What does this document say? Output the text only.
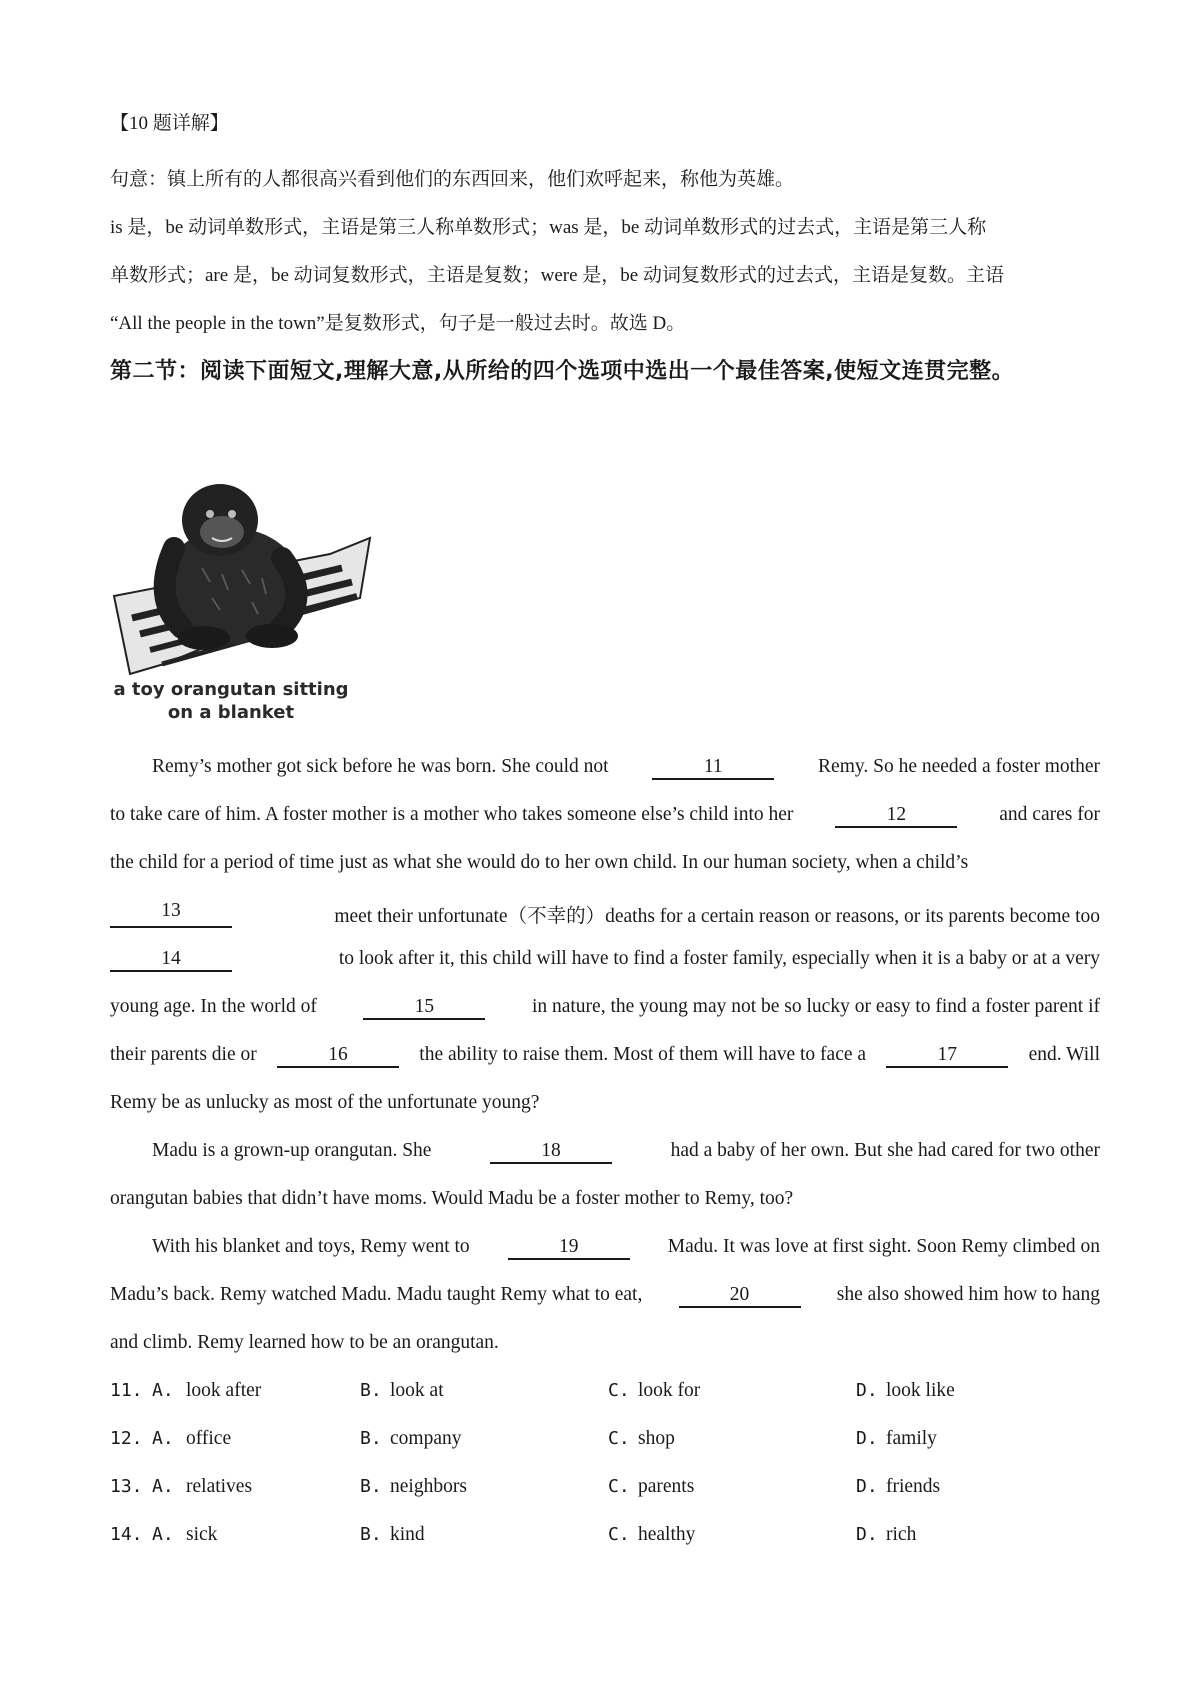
【10 题详解】
句意：镇上所有的人都很高兴看到他们的东西回来，他们欢呼起来，称他为英雄。
is 是，be 动词单数形式，主语是第三人称单数形式；was 是，be 动词单数形式的过去式，主语是第三人称
单数形式；are 是，be 动词复数形式，主语是复数；were 是，be 动词复数形式的过去式，主语是复数。主语
“All the people in the town”是复数形式，句子是一般过去时。故选 D。
第二节：阅读下面短文,理解大意,从所给的四个选项中选出一个最佳答案,使短文连贯完整。
a toy orangutan sitting
on a blanket
Remy’s mother got sick before he was born. She could not	11	Remy. So he needed a foster mother
to take care of him. A foster mother is a mother who takes someone else’s child into her	12	and cares for
the child for a period of time just as what she would do to her own child. In our human society, when a child’s
13	meet their unfortunate（不幸的）deaths for a certain reason or reasons, or its parents become too
14	to look after it, this child will have to find a foster family, especially when it is a baby or at a very
young age. In the world of	15	in nature, the young may not be so lucky or easy to find a foster parent if
their parents die or	16	the ability to raise them. Most of them will have to face a	17	end. Will
Remy be as unlucky as most of the unfortunate young?
Madu is a grown-up orangutan. She	18	had a baby of her own. But she had cared for two other
orangutan babies that didn’t have moms. Would Madu be a foster mother to Remy, too?
With his blanket and toys, Remy went to	19	Madu. It was love at first sight. Soon Remy climbed on
Madu’s back. Remy watched Madu. Madu taught Remy what to eat,	20	she also showed him how to hang
and climb. Remy learned how to be an orangutan.
11. A. look after	B. look at	C. look for	D. look like
12. A. office	B. company	C. shop	D. family
13. A. relatives	B. neighbors	C. parents	D. friends
14. A. sick	B. kind	C. healthy	D. rich
